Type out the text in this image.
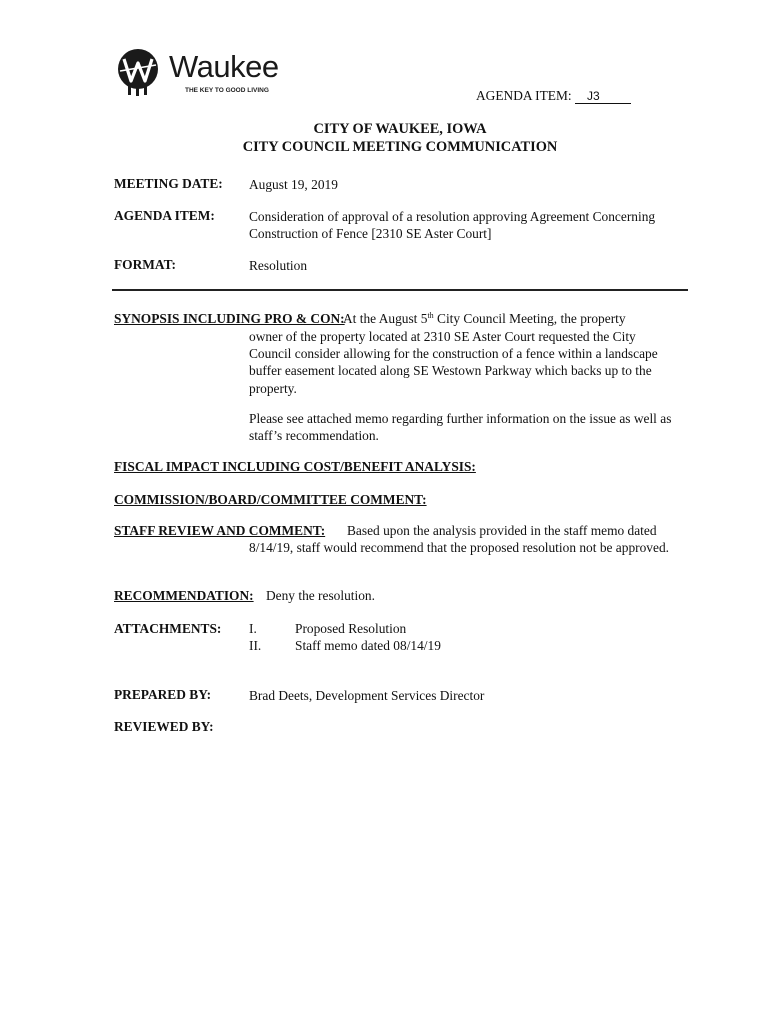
Waukee
THE KEY TO GOOD LIVING	AGENDA ITEM: J3
CITY OF WAUKEE, IOWA
CITY COUNCIL MEETING COMMUNICATION
MEETING DATE: August 19, 2019
AGENDA ITEM:	Consideration of approval of a resolution approving Agreement Concerning Construction of Fence [2310 SE Aster Court]
FORMAT:	Resolution
SYNOPSIS INCLUDING PRO & CON:
At the August 5th City Council Meeting, the property
owner of the property located at 2310 SE Aster Court requested the City Council consider allowing for the construction of a fence within a landscape buffer easement located along SE Westown Parkway which backs up to the property.
Please see attached memo regarding further information on the issue as well as staff’s recommendation.
FISCAL IMPACT INCLUDING COST/BENEFIT ANALYSIS:
COMMISSION/BOARD/COMMITTEE COMMENT:
STAFF REVIEW AND COMMENT: Based upon the analysis provided in the staff memo dated
8/14/19, staff would recommend that the proposed resolution not be approved.
RECOMMENDATION: Deny the resolution.
ATTACHMENTS: I.	Proposed Resolution
II.	Staff memo dated 08/14/19
PREPARED BY:	Brad Deets, Development Services Director
REVIEWED BY:
